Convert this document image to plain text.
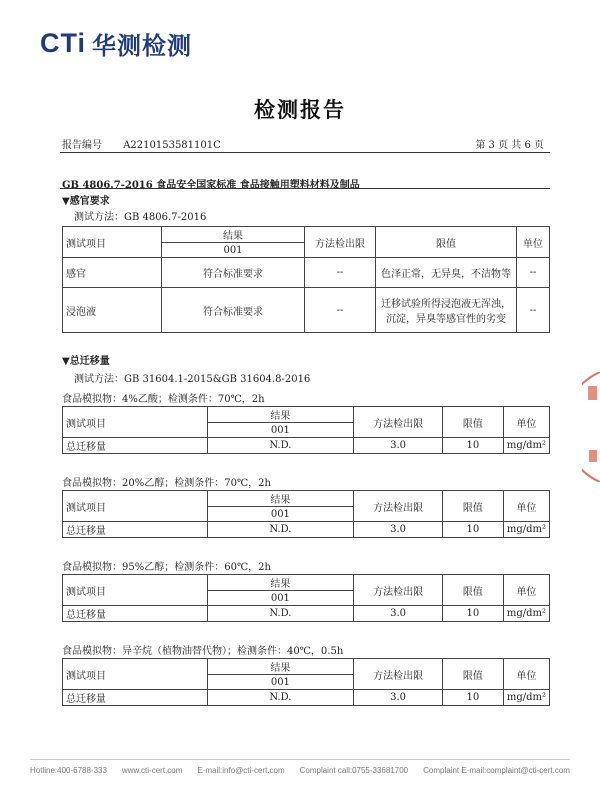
CTi 华测检测
检测报告
报告编号 A2210153581101C	第 3 页 共 6 页
GB 4806.7-2016 食品安全国家标准 食品接触用塑料材料及制品
▼感官要求
测试方法：GB 4806.7-2016
测试项目	结果	方法检出限	限值	单位
	001			
感官	符合标准要求	--	色泽正常，无异臭，不洁物等	--
浸泡液	符合标准要求	--	迁移试验所得浸泡液无浑浊，沉淀，异臭等感官性的劣变	--
▼总迁移量
测试方法：GB 31604.1-2015&GB 31604.8-2016
食品模拟物：4%乙酸；检测条件：70℃，2h
测试项目	结果	方法检出限	限值	单位
	001			
总迁移量	N.D.	3.0	10	mg/dm²
食品模拟物：20%乙醇；检测条件：70℃，2h
测试项目	结果	方法检出限	限值	单位
	001			
总迁移量	N.D.	3.0	10	mg/dm²
食品模拟物：95%乙醇；检测条件：60℃，2h
测试项目	结果	方法检出限	限值	单位
	001			
总迁移量	N.D.	3.0	10	mg/dm²
食品模拟物：异辛烷（植物油替代物）；检测条件：40℃，0.5h
测试项目	结果	方法检出限	限值	单位
	001			
总迁移量	N.D.	3.0	10	mg/dm²
Hotline:400-6788-333 www.cti-cert.com E-mail:info@cti-cert.com Complaint call:0755-33681700 Complaint E-mail:complaint@cti-cert.com
